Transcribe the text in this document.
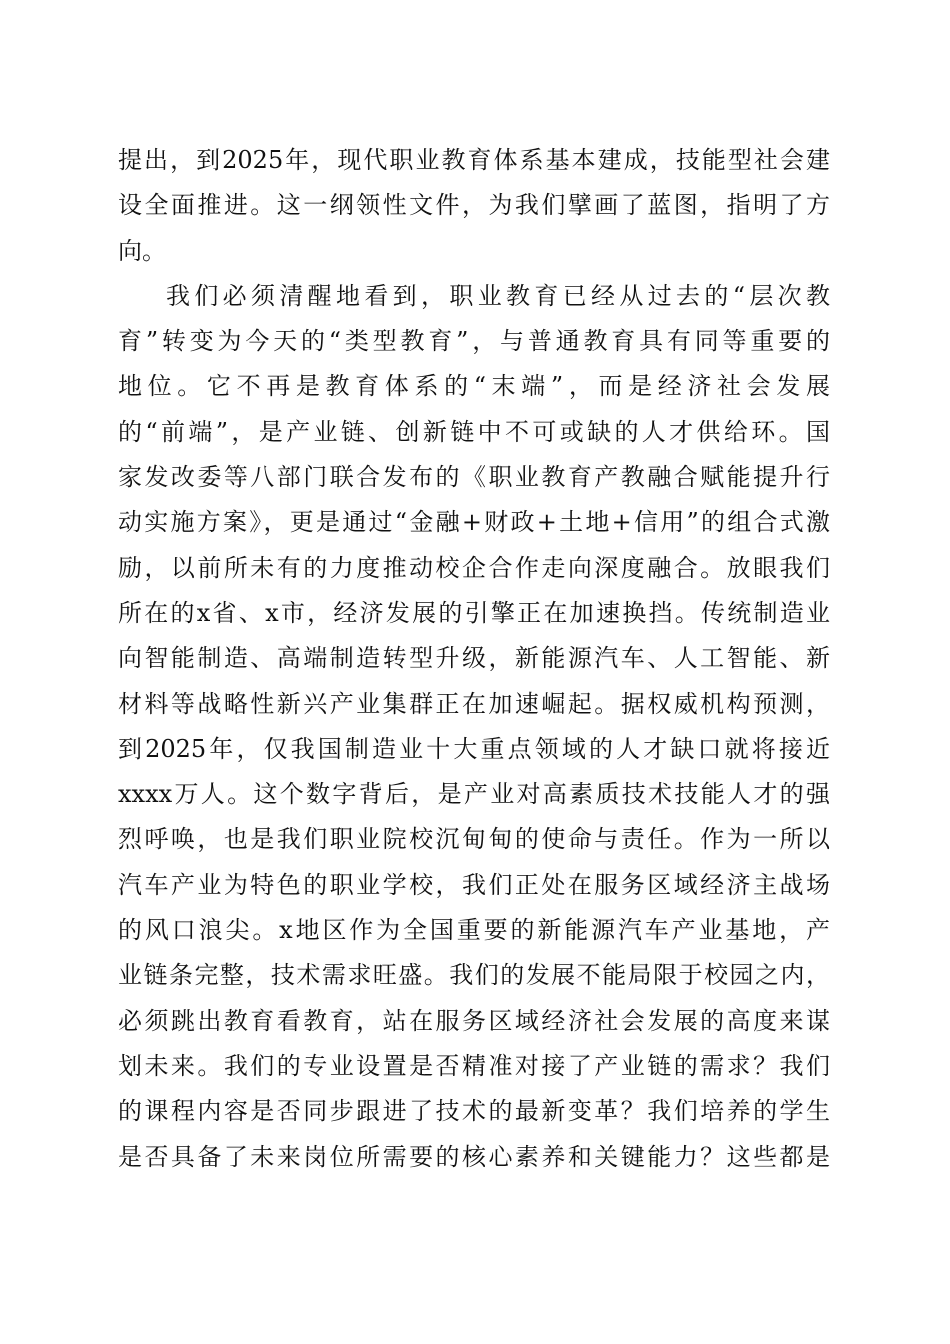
提出，到2025年，现代职业教育体系基本建成，技能型社会建
设全面推进。这一纲领性文件，为我们擘画了蓝图，指明了方
向。
我们必须清醒地看到，职业教育已经从过去的“层次教
育”转变为今天的“类型教育”，与普通教育具有同等重要的
地位。它不再是教育体系的“末端”，而是经济社会发展
的“前端”，是产业链、创新链中不可或缺的人才供给环。国
家发改委等八部门联合发布的《职业教育产教融合赋能提升行
动实施方案》，更是通过“金融+财政+土地+信用”的组合式激
励，以前所未有的力度推动校企合作走向深度融合。放眼我们
所在的x省、x市，经济发展的引擎正在加速换挡。传统制造业
向智能制造、高端制造转型升级，新能源汽车、人工智能、新
材料等战略性新兴产业集群正在加速崛起。据权威机构预测，
到2025年，仅我国制造业十大重点领域的人才缺口就将接近
xxxx万人。这个数字背后，是产业对高素质技术技能人才的强
烈呼唤，也是我们职业院校沉甸甸的使命与责任。作为一所以
汽车产业为特色的职业学校，我们正处在服务区域经济主战场
的风口浪尖。x地区作为全国重要的新能源汽车产业基地，产
业链条完整，技术需求旺盛。我们的发展不能局限于校园之内，
必须跳出教育看教育，站在服务区域经济社会发展的高度来谋
划未来。我们的专业设置是否精准对接了产业链的需求？我们
的课程内容是否同步跟进了技术的最新变革？我们培养的学生
是否具备了未来岗位所需要的核心素养和关键能力？这些都是
